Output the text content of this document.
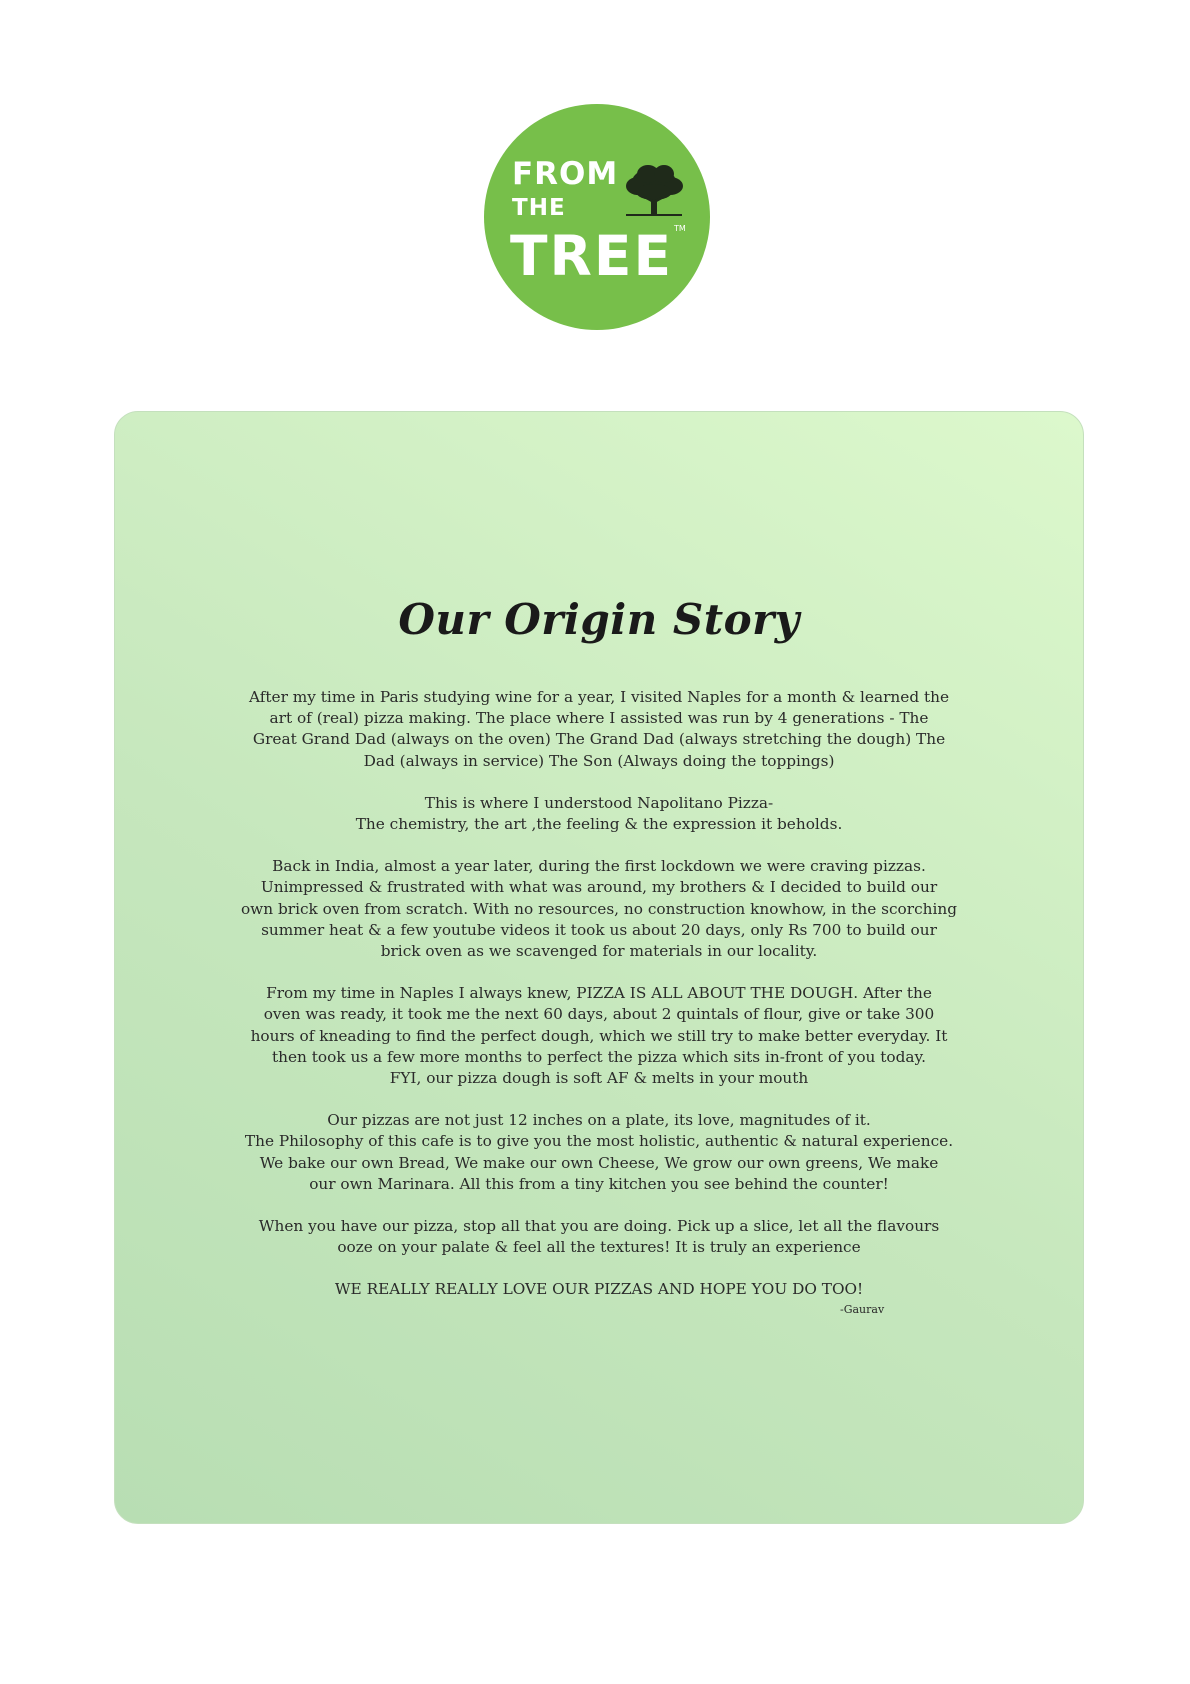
FROM
THE
TREE TM
Our Origin Story
After my time in Paris studying wine for a year, I visited Naples for a month & learned the
art of (real) pizza making. The place where I assisted was run by 4 generations - The
Great Grand Dad (always on the oven) The Grand Dad (always stretching the dough) The
Dad (always in service) The Son (Always doing the toppings)
This is where I understood Napolitano Pizza-
The chemistry, the art ,the feeling & the expression it beholds.
Back in India, almost a year later, during the first lockdown we were craving pizzas.
Unimpressed & frustrated with what was around, my brothers & I decided to build our
own brick oven from scratch. With no resources, no construction knowhow, in the scorching
summer heat & a few youtube videos it took us about 20 days, only Rs 700 to build our
brick oven as we scavenged for materials in our locality.
From my time in Naples I always knew, PIZZA IS ALL ABOUT THE DOUGH. After the
oven was ready, it took me the next 60 days, about 2 quintals of flour, give or take 300
hours of kneading to find the perfect dough, which we still try to make better everyday. It
then took us a few more months to perfect the pizza which sits in-front of you today.
FYI, our pizza dough is soft AF & melts in your mouth
Our pizzas are not just 12 inches on a plate, its love, magnitudes of it.
The Philosophy of this cafe is to give you the most holistic, authentic & natural experience.
We bake our own Bread, We make our own Cheese, We grow our own greens, We make
our own Marinara. All this from a tiny kitchen you see behind the counter!
When you have our pizza, stop all that you are doing. Pick up a slice, let all the flavours
ooze on your palate & feel all the textures! It is truly an experience
WE REALLY REALLY LOVE OUR PIZZAS AND HOPE YOU DO TOO!
-Gaurav
